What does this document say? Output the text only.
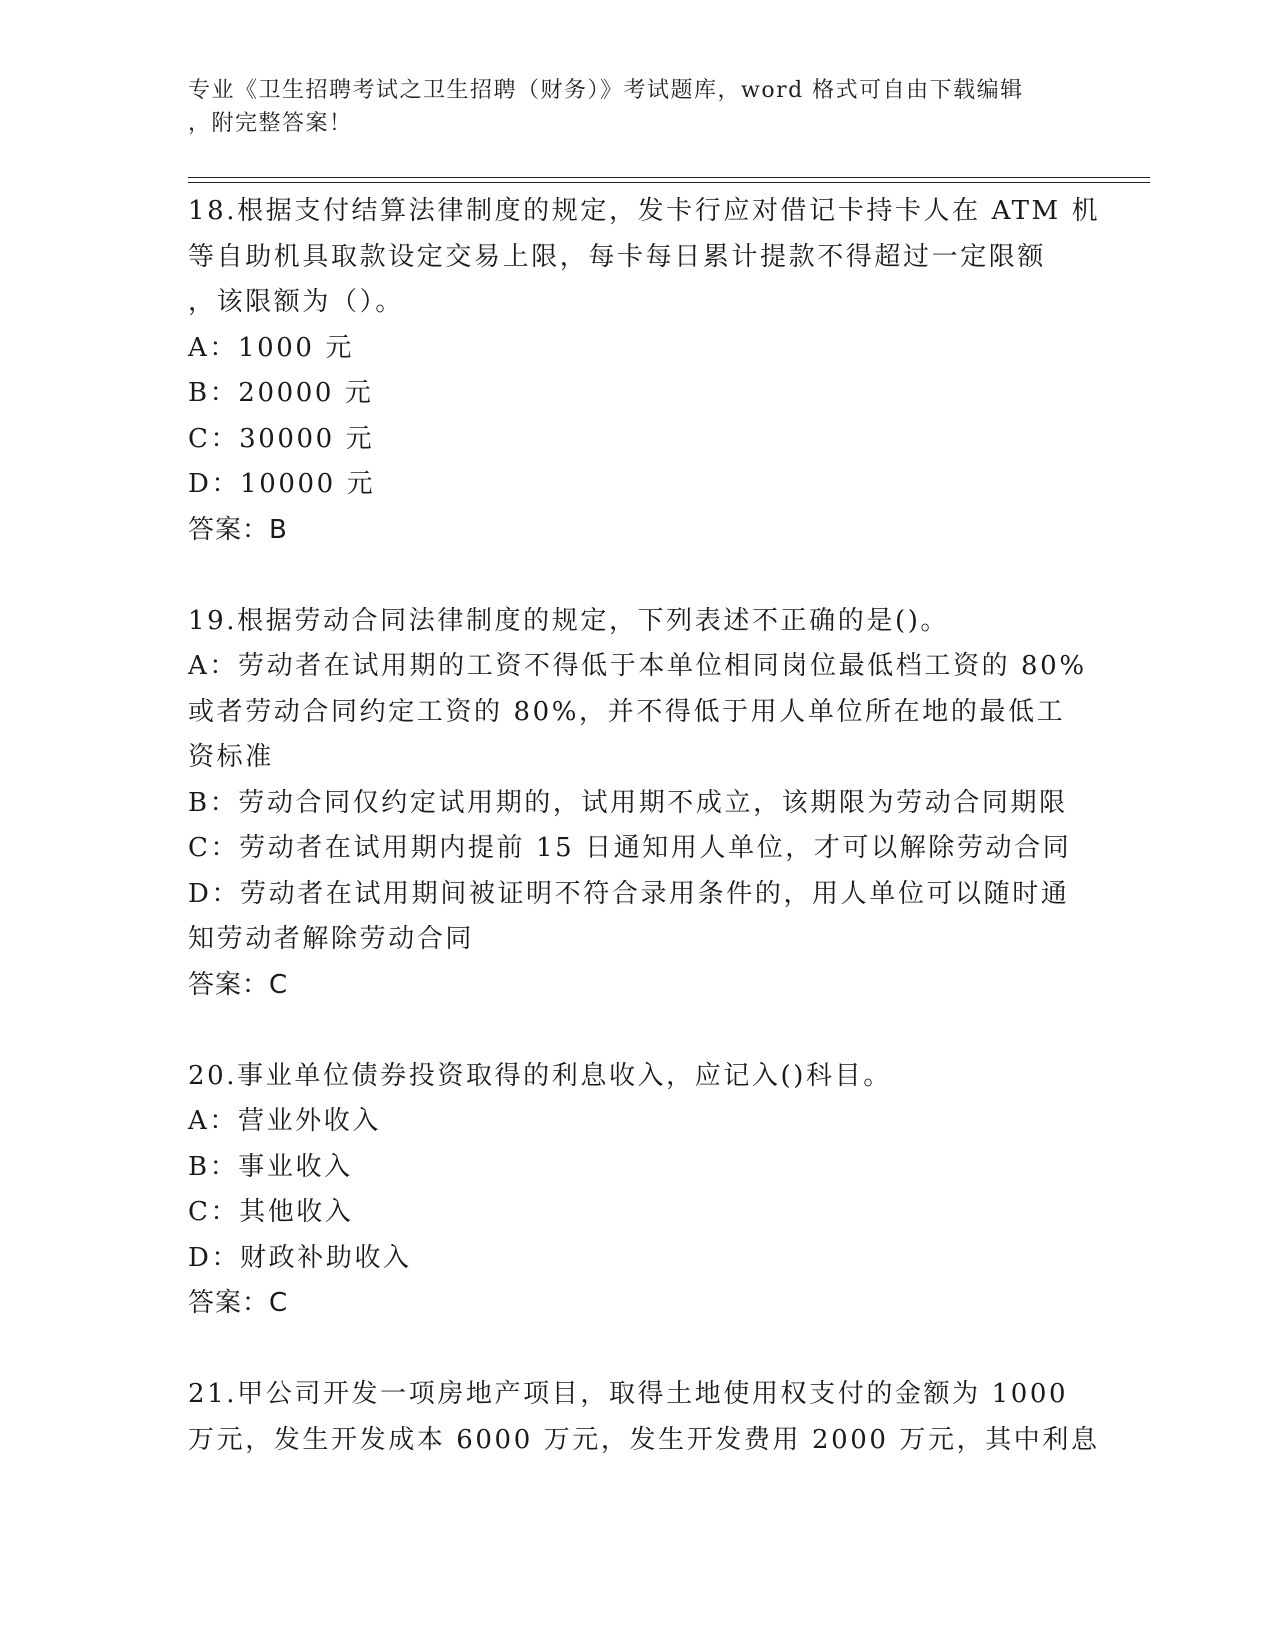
专业《卫生招聘考试之卫生招聘（财务）》考试题库，word 格式可自由下载编辑
，附完整答案！
18.根据支付结算法律制度的规定，发卡行应对借记卡持卡人在 ATM 机
等自助机具取款设定交易上限，每卡每日累计提款不得超过一定限额
，该限额为（）。
A：1000 元
B：20000 元
C：30000 元
D：10000 元
答案：B
19.根据劳动合同法律制度的规定，下列表述不正确的是()。
A：劳动者在试用期的工资不得低于本单位相同岗位最低档工资的 80%
或者劳动合同约定工资的 80%，并不得低于用人单位所在地的最低工
资标准
B：劳动合同仅约定试用期的，试用期不成立，该期限为劳动合同期限
C：劳动者在试用期内提前 15 日通知用人单位，才可以解除劳动合同
D：劳动者在试用期间被证明不符合录用条件的，用人单位可以随时通
知劳动者解除劳动合同
答案：C
20.事业单位债券投资取得的利息收入，应记入()科目。
A：营业外收入
B：事业收入
C：其他收入
D：财政补助收入
答案：C
21.甲公司开发一项房地产项目，取得土地使用权支付的金额为 1000
万元，发生开发成本 6000 万元，发生开发费用 2000 万元，其中利息
